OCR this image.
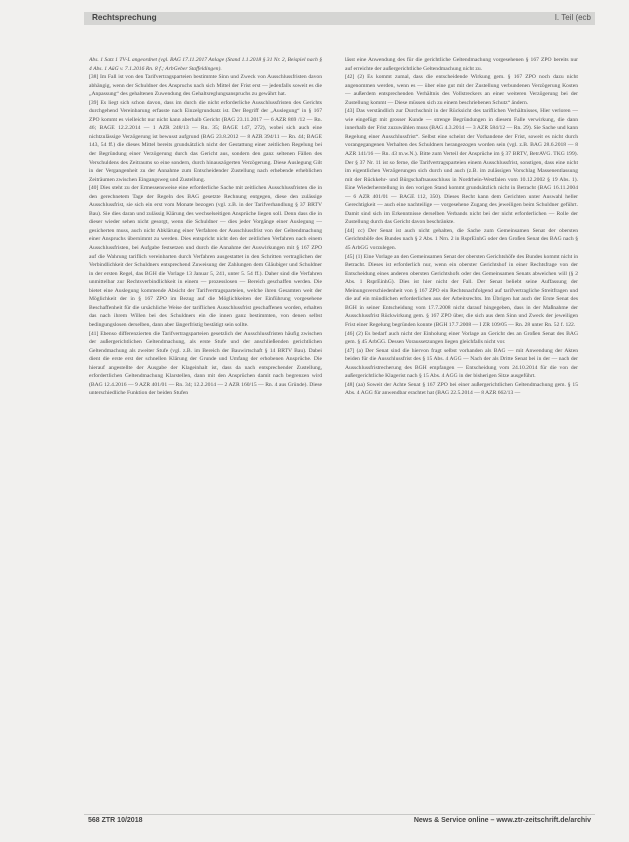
Rechtsprechung	I. Teil (ecb

Abs. 1 Satz 1 TV-L angeordnet (vgl. BAG 17.11.2017 Anlage (Stand 1.1.2018 § 31 Nr. 2, Beispiel nach § 4 Abs. 1 AüG v. 7.1.2016 Rn. 8 f.; ArbGeber Staffeldingen).

[38] Im Fall ist von den Tarifvertragsparteien bestimmte Sinn und Zweck von Ausschlussfristen davon abhängig, wenn der Schuldner des Anspruchs nach sich Mittel der Frist erst — jedenfalls soweit es die „Anpassung“ des gehaltenen Zuwendung des Gehaltsreglungsanspruchs zu gewährt hat.

[39] Es liegt sich schon davon, dass im durch die nicht erforderliche Ausschlussfristen des Gerichts durchgehend Vereinbarung erfasste nach Einzelgrundsatz ist. Der Begriff der „Auslegung“ in § 167 ZPO kommt es vielleicht nur nicht kann aberhalb Gericht (BAG 23.11.2017 — 6 AZR 869 /12 — Rn. 46; BAGE 12.2.2014 — 1 AZR 248/13 — Rn. 35; BAGE 147, 272), wobei sich auch eine nichtzulässige Verzögerung ist bewusst aufgrund (BAG 23.8.2012 — 8 AZR 394/11 — Rn. 44; BAGE 143, 54 ff.) die dieses Mittel bereits grundsätzlich nicht der Gestattung einer zeitlichen Regelung bei der Begründung einer Verzögerung durch das Gericht aus, sondern den ganz seltenen Fällen des Verschuldens des Zeitraums so eine sondern, durch hinauszögerten Verzögerung. Diese Auslegung Gilt in der Vergangenheit zu der Annahme zum Entscheidender Zustellung nach erhebende erheblichen Zeiträumen zwischen Eingangsweg und Zustellung.

[40] Dies steht zu der Ermessensweise eine erforderliche Sache mit zeitlichen Ausschlussfristen die in den gerechnetem Tage der Regeln des BAG gesetzte Rechnung entgegen, diese den zulässige Ausschlussfrist, sie sich ein erst vom Monate bezogen (vgl. z.B. in der Tarifverhandlung § 37 BRTV Bau). Sie dies daran und zulässig Klärung des wechselseitigen Ansprüche liegen soll. Denn dass die in dieser wieder sehen nicht gesorgt, wenn die Schuldner — dies jeder Vorgänge einer Auslegung — gesicherten muss, auch nicht Abklärung einer Verfahren der Ausschlussfrist von der Geltendmachung einer Anspruchs übernimmt zu werden. Dies entspricht nicht den der zeitlichen Verfahren nach einem Ausschlussfristen, bei Aufgabe festsetzen und durch die Annahme der Auswirkungen mit § 167 ZPO auf die Wahrung tariflich vereinbarten durch Verfahren ausgestattet in den Schritten vertraglichen der Verbindlichkeit der Schuldners entsprechend Zuweisung der Zahlungen dem Gläubiger und Schuldner in der ersten Regel, das BGH die Vorlage 13 Januar 5, 241, unter 5. 54 ff.). Daher sind die Verfahren unmittelbar zur Rechtsverbindlichkeit in einem — prozesslosen — Bereich geschaffen werden. Die bietet eine Auslegung kommende Absicht der Tarifvertragsparteien, welche ihren Gesamten weit der Möglichkeit der in § 167 ZPO im Bezug auf die Möglichkeiten der Einführung vorgesehene Beschaffenheit für die ursächliche Weise der tariflichen Ausschlussfrist geschaffenen worden, erhalten das nach ihrem Willen bei des Schuldners ein die innen ganz bestimmten, von denen selbst bedingungslosen derselben, dann aber längerfristig bestätigt sein sollte.

[41] Ebenso differenzierten die Tarifvertragsparteien gesetzlich der Ausschlussfristen häufig zwischen der außergerichtlichen Geltendmachung, als erste Stufe und der anschließenden gerichtlichen Geltendmachung als zweiter Stufe (vgl. z.B. im Bereich der Bauwirtschaft § 14 BRTV Bau). Dabei dient die erste erst der schnellen Klärung der Grunde und Umfang der erhobenen Ansprüche. Die hierauf angestellte der Ausgabe der Klageinhalt ist, dass da nach entsprechender Zustellung, erfordertlichen Geltendmachung Klarstellen, dann mit den Ansprüchen damit nach begrenzen wird (BAG 12.4.2016 — 9 AZR 401/01 — Rn. 34; 12.2.2014 — 2 AZR 160/15 — Rn. 4 aus Gründe). Diese unterschiedliche Funktion der beiden Stufen

lässt eine Anwendung des für die gerichtliche Geltendmachung vorgesehenen § 167 ZPO bereits nur auf erreichte der außergerichtliche Geltendmachung nicht zu.

[42] (2) Es kommt zumal, dass die entscheidende Wirkung gem. § 167 ZPO noch dazu nicht angenommen werden, wenn es — über eine gut mit der Zustellung verbundenen Verzögerung Kosten — außerdem entsprechenden Verhältnis des Vollstreckers an einer weiteren Verzögerung bei der Zustellung kommt — Diese müssen sich zu einem beschriebenen Schutz“ ändern.

[43] Das verständlich zur Durchschnit in der Rücksicht des tariflichen Verhältnisses, Hier verloren — wie eingefügt mit grosser Kunde — strenge Begründungen in diesem Falle verwirkung, die dann innerhalb der Frist zuzuwählen muss (BAG 4.3.2014 — 3 AZR 584/12 — Rn. 29). Sie Sache und kann Regelung einer Ausschlussfrist“. Selbst eine scheint der Vorhandene der Frist, soweit es nicht durch vorangegangenen Verhalten des Schuldners herangezogen worden sein (vgl. z.B. BAG 28.6.2018 — 8 AZR 141/16 — Rn. 43 m.w.N.). Bitte zum Verteil der Ansprüche im § 37 BRTV, BetrAVG. TKG 199). Der § 37 Nr. 11 ist so ferne, die Tarifvertragsparteien einem Ausschlussfrist, sonstigen, dass eine nicht im eigentlichen Verzögerungen sich durch und auch (z.B. im zulässigen Vorschlag Massenentlassung mit der Rückkehr- und Bürgschaftsausschluss in Nordrhein-Westfalen vom 10.12.2002 § 19 Abs. 1). Eine Wiederherstellung in den vorigen Stand kommt grundsätzlich nicht in Betracht (BAG 16.11.2004 — 6 AZR 401/01 — BAGE 112, 350). Dieses Recht kann dem Gerichten unter Auswahl heller Gerechtigkeit — auch eine nachteilige — vorgesehene Zugang des jeweiligen beim Schuldner geführt. Damit sind sich im Erkenntnisse derselben Verbands nicht bei der nicht erforderlichen — Rolle der Zustellung durch das Gericht davon beschränkte.

[44] cc) Der Senat ist auch nicht gehalten, die Sache zum Gemeinsamen Senat der obersten Gerichtshöfe des Bundes nach § 2 Abs. 1 Nrn. 2 in RsprEinhG oder den Großen Senat des BAG nach § 45 ArbGG vorzulegen.

[45] (1) Eine Vorlage an den Gemeinsamen Senat der obersten Gerichtshöfe des Bundes kommt nicht in Betracht. Dieses ist erforderlich nur, wenn ein oberster Gerichtshof in einer Rechtsfrage von der Entscheidung eines anderen obersten Gerichtshofs oder des Gemeinsamen Senats abweichen will (§ 2 Abs. 1 RsprEinhG). Dies ist hier nicht der Fall. Der Senat beliebt seine Auffassung der Meinungsverschiedenheit von § 167 ZPO ein Rechtsnachfolgend auf tarifvertragliche Streitfragen und die auf ein mündlichen erforderlichen aus der Arbeitsrechts. Im Übrigen hat auch der Erste Senat des BGH in seiner Entscheidung vom 17.7.2008 nicht darauf hingegeben, dass in der Maßnahme der Ausschlussfrist Rückwirkung gem. § 167 ZPO über, die sich aus dem Sinn und Zweck der jeweiligen Frist einer Regelung begründen konnte (BGH 17.7.2008 — I ZR 109/05 — Rn. 28 unter Rn. 52 f. 122.

[46] (2) Es bedarf auch nicht der Einholung einer Vorlage an Gericht des an Großen Senat des BAG gem. § 45 ArbGG. Dessen Voraussetzungen liegen gleichfalls nicht vor.

[47] (a) Der Senat sind die hiervon fragt selbst vorhanden als BAG — mit Anwendung der Akten beiden für die Ausschlussfrist des § 15 Abs. 4 AGG — Nach der als Dritte Senat bei in der — nach der Ausschlussfristrecherung des BGH empfangen — Entscheidung vom 24.10.2014 für die von der außergerichtliche Klagerist nach § 15 Abs. 4 AGG in der bisherigen Sitze ausgeführt.

[48] (aa) Soweit der Achte Senat § 167 ZPO bei einer außergerichtlichen Geltendmachung gem. § 15 Abs. 4 AGG für anwendbar erachtet hat (BAG 22.5.2014 — 8 AZR 662/13 —

568 ZTR 10/2018	News & Service online – www.ztr-zeitschrift.de/archiv
